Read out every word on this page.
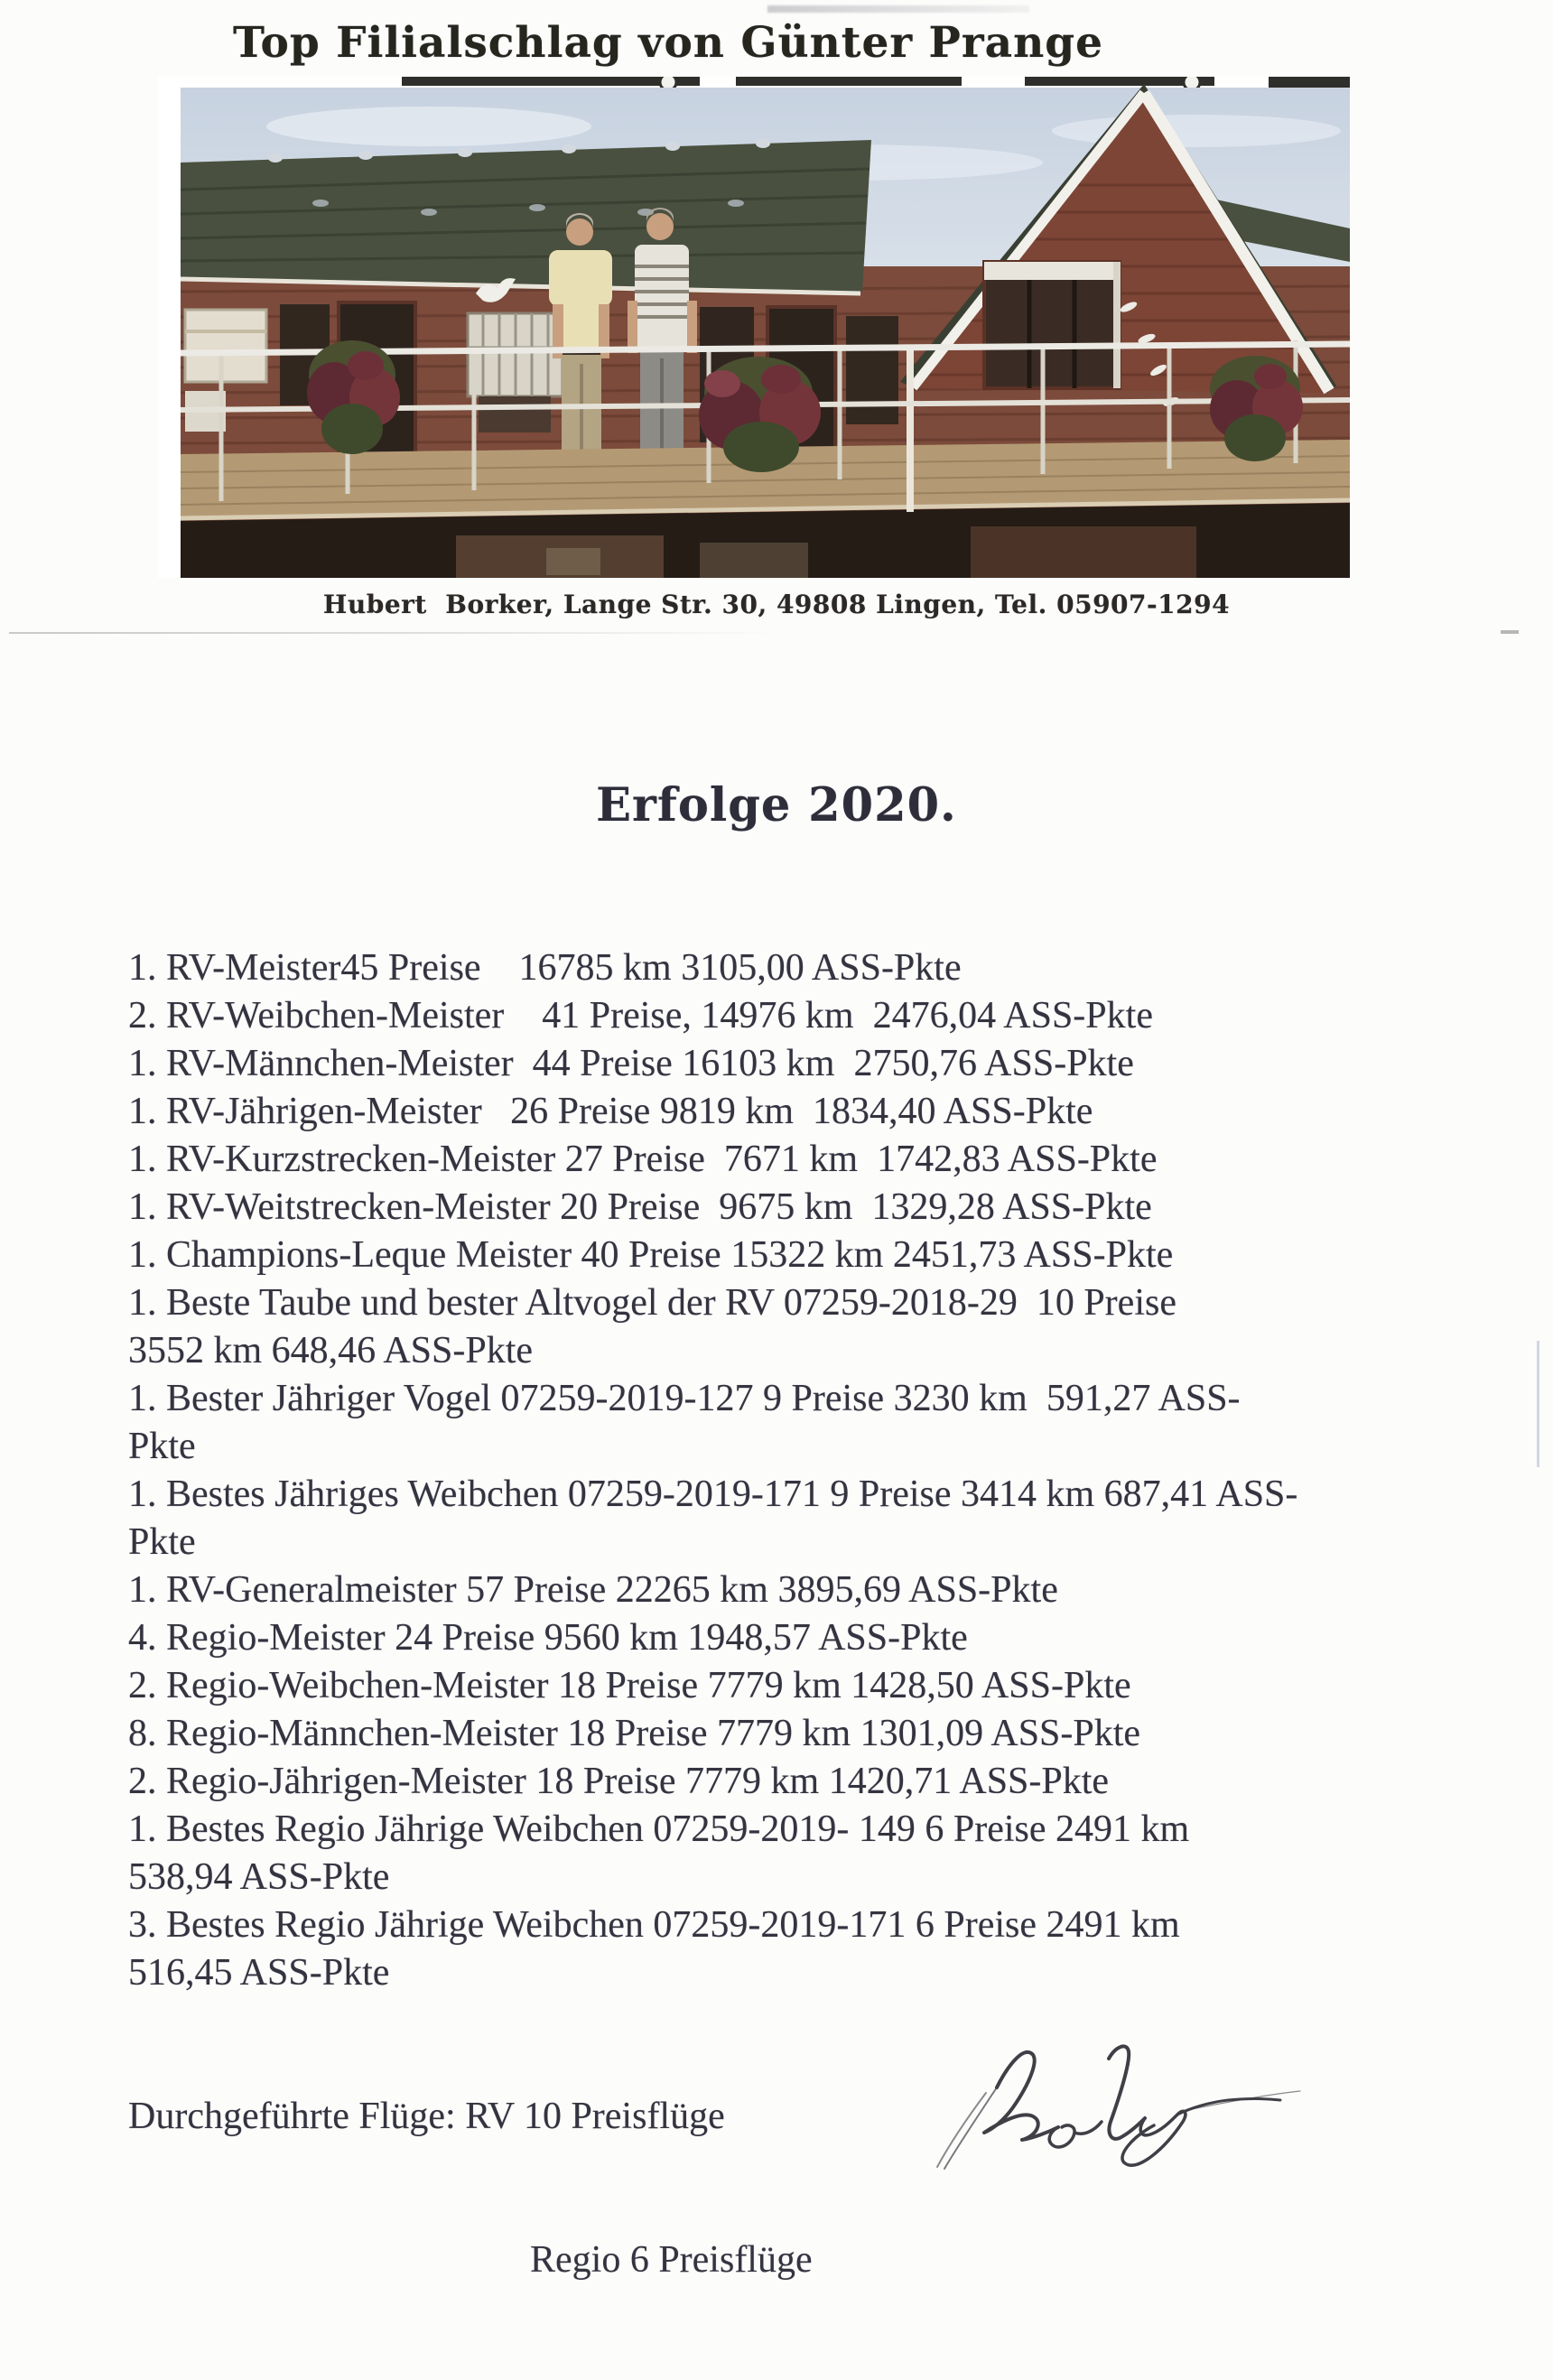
Top Filialschlag von Günter Prange
Hubert  Borker, Lange Str. 30, 49808 Lingen, Tel. 05907-1294
Erfolge 2020.

1. RV-Meister45 Preise    16785 km 3105,00 ASS-Pkte
2. RV-Weibchen-Meister    41 Preise, 14976 km  2476,04 ASS-Pkte
1. RV-Männchen-Meister  44 Preise 16103 km  2750,76 ASS-Pkte
1. RV-Jährigen-Meister   26 Preise 9819 km  1834,40 ASS-Pkte
1. RV-Kurzstrecken-Meister 27 Preise  7671 km  1742,83 ASS-Pkte
1. RV-Weitstrecken-Meister 20 Preise  9675 km  1329,28 ASS-Pkte
1. Champions-Leque Meister 40 Preise 15322 km 2451,73 ASS-Pkte
1. Beste Taube und bester Altvogel der RV 07259-2018-29  10 Preise
3552 km 648,46 ASS-Pkte
1. Bester Jähriger Vogel 07259-2019-127 9 Preise 3230 km  591,27 ASS-
Pkte
1. Bestes Jähriges Weibchen 07259-2019-171 9 Preise 3414 km 687,41 ASS-
Pkte
1. RV-Generalmeister 57 Preise 22265 km 3895,69 ASS-Pkte
4. Regio-Meister 24 Preise 9560 km 1948,57 ASS-Pkte
2. Regio-Weibchen-Meister 18 Preise 7779 km 1428,50 ASS-Pkte
8. Regio-Männchen-Meister 18 Preise 7779 km 1301,09 ASS-Pkte
2. Regio-Jährigen-Meister 18 Preise 7779 km 1420,71 ASS-Pkte
1. Bestes Regio Jährige Weibchen 07259-2019- 149 6 Preise 2491 km
538,94 ASS-Pkte
3. Bestes Regio Jährige Weibchen 07259-2019-171 6 Preise 2491 km
516,45 ASS-Pkte

Durchgeführte Flüge: RV 10 Preisflüge

Regio 6 Preisflüge
